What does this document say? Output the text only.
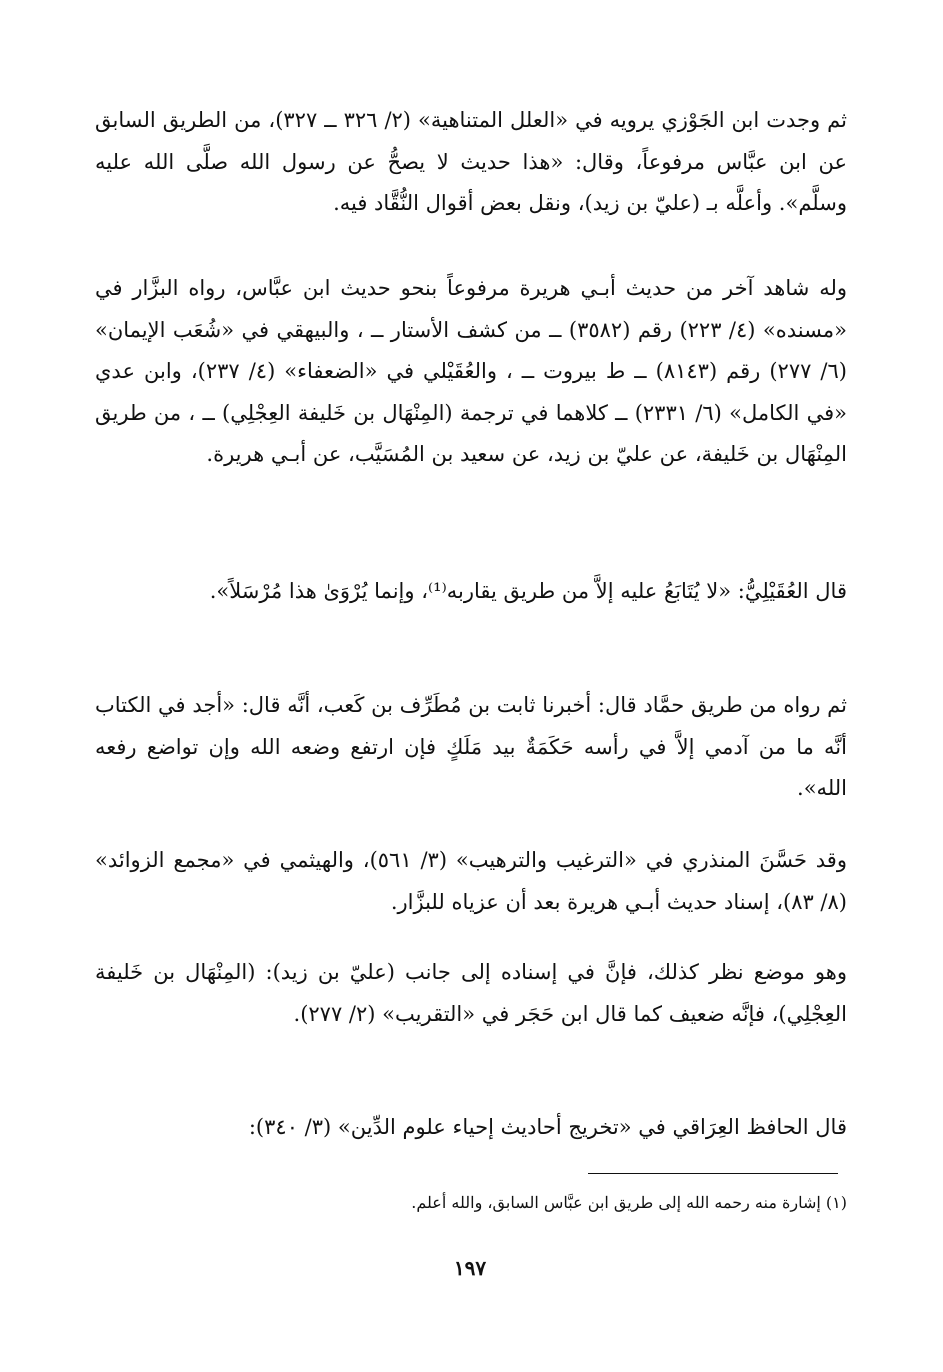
ثم وجدت ابن الجَوْزي يرويه في «العلل المتناهية» (٢/ ٣٢٦ ــ ٣٢٧)، من الطريق السابق عن ابن عبَّاس مرفوعاً، وقال: «هذا حديث لا يصحُّ عن رسول الله صلَّى الله عليه وسلَّم». وأعلَّه بـ (عليّ بن زيد)، ونقل بعض أقوال النُّقَّاد فيه.

وله شاهد آخر من حديث أبـي هريرة مرفوعاً بنحو حديث ابن عبَّاس، رواه البزَّار في «مسنده» (٤/ ٢٢٣) رقم (٣٥٨٢) ــ من كشف الأستار ــ ، والبيهقي في «شُعَب الإيمان» (٦/ ٢٧٧) رقم (٨١٤٣) ــ ط بيروت ــ ، والعُقَيْلي في «الضعفاء» (٤/ ٢٣٧)، وابن عدي «في الكامل» (٦/ ٢٣٣١) ــ كلاهما في ترجمة (المِنْهَال بن خَليفة العِجْلِي) ــ ، من طريق المِنْهَال بن خَليفة، عن عليّ بن زيد، عن سعيد بن المُسَيَّب، عن أبـي هريرة.

قال العُقَيْلِيُّ: «لا يُتَابَعُ عليه إلاَّ من طريق يقاربه⁽¹⁾، وإنما يُرْوَىٰ هذا مُرْسَلاً».

ثم رواه من طريق حمَّاد قال: أخبرنا ثابت بن مُطَرِّف بن كَعب، أنَّه قال: «أجد في الكتاب أنَّه ما من آدمي إلاَّ في رأسه حَكَمَةٌ بيد مَلَكٍ فإن ارتفع وضعه الله وإن تواضع رفعه الله».

وقد حَسَّنَ المنذري في «الترغيب والترهيب» (٣/ ٥٦١)، والهيثمي في «مجمع الزوائد» (٨/ ٨٣)، إسناد حديث أبـي هريرة بعد أن عزياه للبزَّار.

وهو موضع نظر كذلك، فإنَّ في إسناده إلى جانب (عليّ بن زيد): (المِنْهَال بن خَليفة العِجْلِي)، فإنَّه ضعيف كما قال ابن حَجَر في «التقريب» (٢/ ٢٧٧).

قال الحافظ العِرَاقي في «تخريج أحاديث إحياء علوم الدِّين» (٣/ ٣٤٠):

(١) إشارة منه رحمه الله إلى طريق ابن عبَّاس السابق، والله أعلم.
١٩٧
